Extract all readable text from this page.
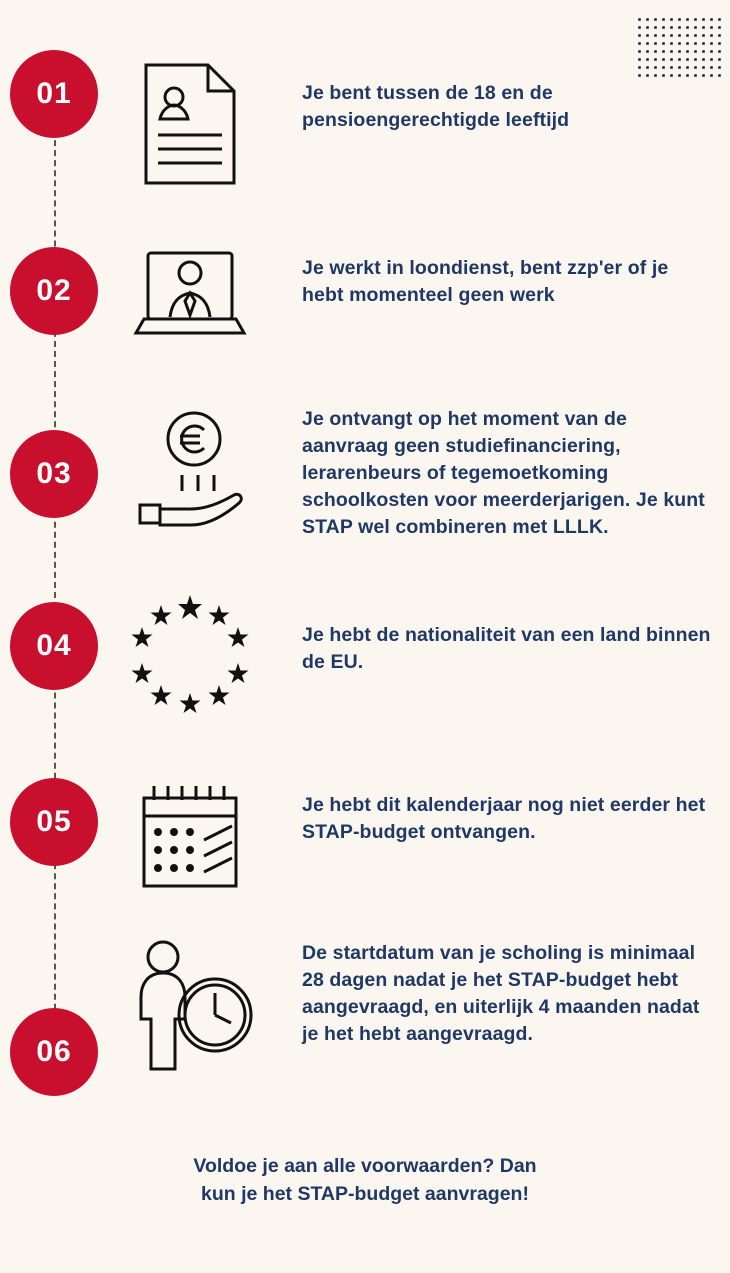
01	Je bent tussen de 18 en de pensioengerechtigde leeftijd
02
Je werkt in loondienst, bent zzp'er of je hebt momenteel geen werk
03
Je ontvangt op het moment van de aanvraag geen studiefinanciering, lerarenbeurs of tegemoetkoming schoolkosten voor meerderjarigen. Je kunt STAP wel combineren met LLLK.
04	Je hebt de nationaliteit van een land binnen de EU.
05	Je hebt dit kalenderjaar nog niet eerder het STAP-budget ontvangen.
06
De startdatum van je scholing is minimaal 28 dagen nadat je het STAP-budget hebt aangevraagd, en uiterlijk 4 maanden nadat je het hebt aangevraagd.
Voldoe je aan alle voorwaarden? Dan
kun je het STAP-budget aanvragen!
